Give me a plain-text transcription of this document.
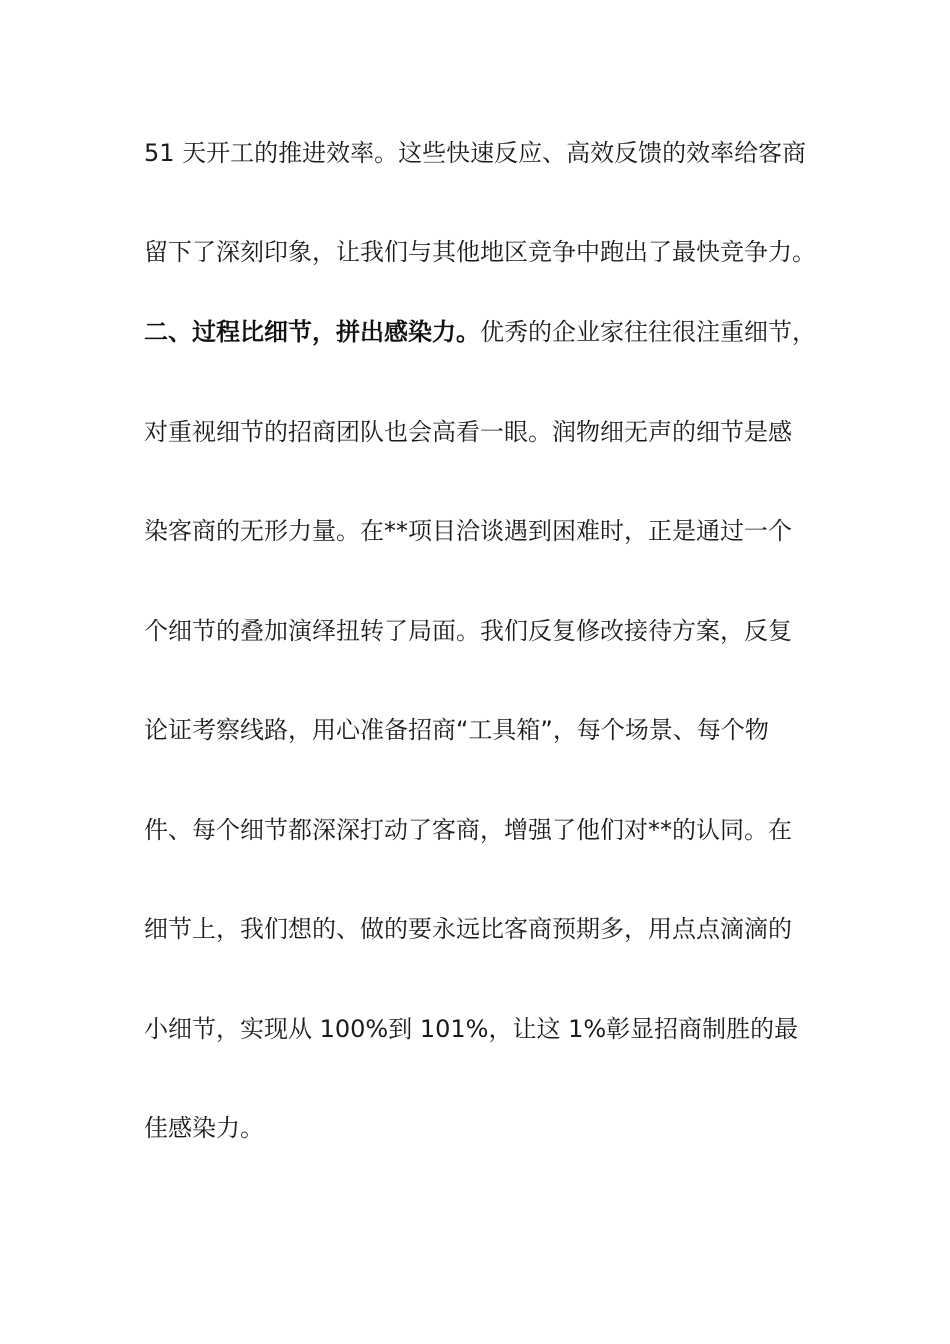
51 天开工的推进效率。这些快速反应、高效反馈的效率给客商
留下了深刻印象，让我们与其他地区竞争中跑出了最快竞争力。
二、过程比细节，拼出感染力。优秀的企业家往往很注重细节，
对重视细节的招商团队也会高看一眼。润物细无声的细节是感
染客商的无形力量。在**项目洽谈遇到困难时，正是通过一个
个细节的叠加演绎扭转了局面。我们反复修改接待方案，反复
论证考察线路，用心准备招商“工具箱”，每个场景、每个物
件、每个细节都深深打动了客商，增强了他们对**的认同。在
细节上，我们想的、做的要永远比客商预期多，用点点滴滴的
小细节，实现从 100%到 101%，让这 1%彰显招商制胜的最
佳感染力。
